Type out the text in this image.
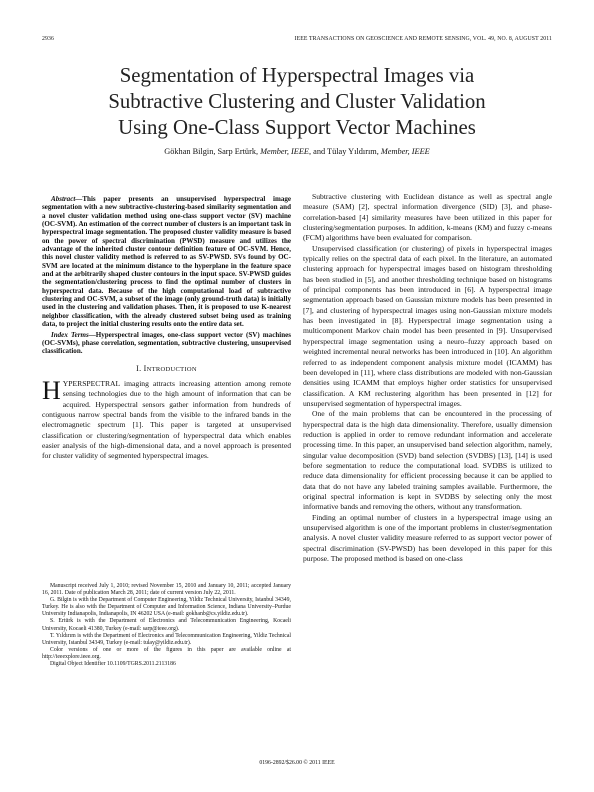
2936	IEEE TRANSACTIONS ON GEOSCIENCE AND REMOTE SENSING, VOL. 49, NO. 8, AUGUST 2011
Segmentation of Hyperspectral Images via
Subtractive Clustering and Cluster Validation
Using One-Class Support Vector Machines
Gökhan Bilgin, Sarp Ertürk, Member, IEEE, and Tülay Yıldırım, Member, IEEE

Abstract—This paper presents an unsupervised hyperspectral image segmentation with a new subtractive-clustering-based similarity segmentation and a novel cluster validation method using one-class support vector (SV) machine (OC-SVM). An estimation of the correct number of clusters is an important task in hyperspectral image segmentation. The proposed cluster validity measure is based on the power of spectral discrimination (PWSD) measure and utilizes the advantage of the inherited cluster contour definition feature of OC-SVM. Hence, this novel cluster validity method is referred to as SV-PWSD. SVs found by OC-SVM are located at the minimum distance to the hyperplane in the feature space and at the arbitrarily shaped cluster contours in the input space. SV-PWSD guides the segmentation/clustering process to find the optimal number of clusters in hyperspectral data. Because of the high computational load of subtractive clustering and OC-SVM, a subset of the image (only ground-truth data) is initially used in the clustering and validation phases. Then, it is proposed to use K-nearest neighbor classification, with the already clustered subset being used as training data, to project the initial clustering results onto the entire data set.

Index Terms—Hyperspectral images, one-class support vector (SV) machines (OC-SVMs), phase correlation, segmentation, subtractive clustering, unsupervised classification.

I. INTRODUCTION
H YPERSPECTRAL imaging attracts increasing attention among remote sensing technologies due to the high amount of information that can be acquired. Hyperspectral sensors gather information from hundreds of contiguous narrow spectral bands from the visible to the infrared bands in the electromagnetic spectrum [1]. This paper is targeted at unsupervised classification or clustering/segmentation of hyperspectral data which enables easier analysis of the high-dimensional data, and a novel approach is presented for cluster validity of segmented hyperspectral images.

Manuscript received July 1, 2010; revised November 15, 2010 and January 10, 2011; accepted January 16, 2011. Date of publication March 28, 2011; date of current version July 22, 2011.

G. Bilgin is with the Department of Computer Engineering, Yildiz Technical University, Istanbul 34349, Turkey. He is also with the Department of Computer and Information Science, Indiana University–Purdue University Indianapolis, Indianapolis, IN 46202 USA (e-mail: gokhanb@cs.yildiz.edu.tr).

S. Ertürk is with the Department of Electronics and Telecommunication Engineering, Kocaeli University, Kocaeli 41380, Turkey (e-mail: sarp@ieee.org).

T. Yıldırım is with the Department of Electronics and Telecommunication Engineering, Yildiz Technical University, Istanbul 34349, Turkey (e-mail: tulay@yildiz.edu.tr).

Color versions of one or more of the figures in this paper are available online at http://ieeexplore.ieee.org.

Digital Object Identifier 10.1109/TGRS.2011.2113186

Subtractive clustering with Euclidean distance as well as spectral angle measure (SAM) [2], spectral information divergence (SID) [3], and phase-correlation-based [4] similarity measures have been utilized in this paper for clustering/segmentation purposes. In addition, k-means (KM) and fuzzy c-means (FCM) algorithms have been evaluated for comparison.

Unsupervised classification (or clustering) of pixels in hyperspectral images typically relies on the spectral data of each pixel. In the literature, an automated clustering approach for hyperspectral images based on histogram thresholding has been studied in [5], and another thresholding technique based on histograms of principal components has been introduced in [6]. A hyperspectral image segmentation approach based on Gaussian mixture models has been presented in [7], and clustering of hyperspectral images using non-Gaussian mixture models has been investigated in [8]. Hyperspectral image segmentation using a multicomponent Markov chain model has been presented in [9]. Unsupervised hyperspectral image segmentation using a neuro–fuzzy approach based on weighted incremental neural networks has been introduced in [10]. An algorithm referred to as independent component analysis mixture model (ICAMM) has been developed in [11], where class distributions are modeled with non-Gaussian densities using ICAMM that employs higher order statistics for unsupervised classification. A KM reclustering algorithm has been presented in [12] for unsupervised segmentation of hyperspectral images.

One of the main problems that can be encountered in the processing of hyperspectral data is the high data dimensionality. Therefore, usually dimension reduction is applied in order to remove redundant information and accelerate processing time. In this paper, an unsupervised band selection algorithm, namely, singular value decomposition (SVD) band selection (SVDBS) [13], [14] is used before segmentation to reduce the computational load. SVDBS is utilized to reduce data dimensionality for efficient processing because it can be applied to data that do not have any labeled training samples available. Furthermore, the original spectral information is kept in SVDBS by selecting only the most informative bands and removing the others, without any transformation.

Finding an optimal number of clusters in a hyperspectral image using an unsupervised algorithm is one of the important problems in cluster/segmentation analysis. A novel cluster validity measure referred to as support vector power of spectral discrimination (SV-PWSD) has been developed in this paper for this purpose. The proposed method is based on one-class

0196-2892/$26.00 © 2011 IEEE
